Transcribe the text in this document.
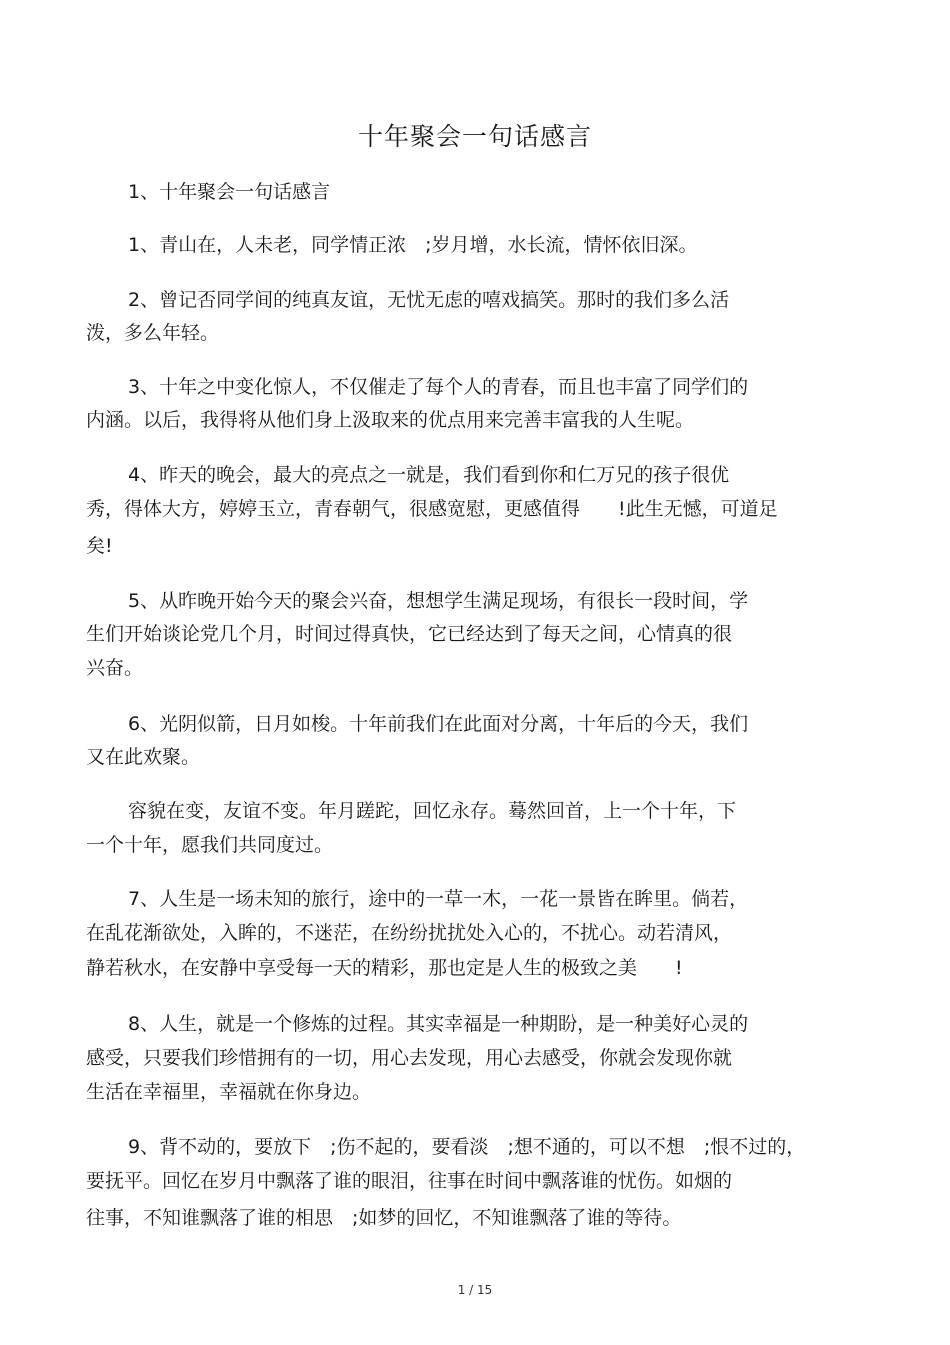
十年聚会一句话感言
1、十年聚会一句话感言
1、青山在，人未老，同学情正浓　;岁月增，水长流，情怀依旧深。
2、曾记否同学间的纯真友谊，无忧无虑的嘻戏搞笑。那时的我们多么活
泼，多么年轻。
3、十年之中变化惊人，不仅催走了每个人的青春，而且也丰富了同学们的
内涵。以后，我得将从他们身上汲取来的优点用来完善丰富我的人生呢。
4、昨天的晚会，最大的亮点之一就是，我们看到你和仁万兄的孩子很优
秀，得体大方，婷婷玉立，青春朝气，很感宽慰，更感值得　　!此生无憾，可道足
矣!
5、从昨晚开始今天的聚会兴奋，想想学生满足现场，有很长一段时间，学
生们开始谈论党几个月，时间过得真快，它已经达到了每天之间，心情真的很
兴奋。
6、光阴似箭，日月如梭。十年前我们在此面对分离，十年后的今天，我们
又在此欢聚。
容貌在变，友谊不变。年月蹉跎，回忆永存。蓦然回首，上一个十年，下
一个十年，愿我们共同度过。
7、人生是一场未知的旅行，途中的一草一木，一花一景皆在眸里。倘若，
在乱花渐欲处，入眸的，不迷茫，在纷纷扰扰处入心的，不扰心。动若清风，
静若秋水，在安静中享受每一天的精彩，那也定是人生的极致之美　　!
8、人生，就是一个修炼的过程。其实幸福是一种期盼，是一种美好心灵的
感受，只要我们珍惜拥有的一切，用心去发现，用心去感受，你就会发现你就
生活在幸福里，幸福就在你身边。
9、背不动的，要放下　;伤不起的，要看淡　;想不通的，可以不想　;恨不过的，
要抚平。回忆在岁月中飘落了谁的眼泪，往事在时间中飘落谁的忧伤。如烟的
往事，不知谁飘落了谁的相思　;如梦的回忆，不知谁飘落了谁的等待。
1 / 15
